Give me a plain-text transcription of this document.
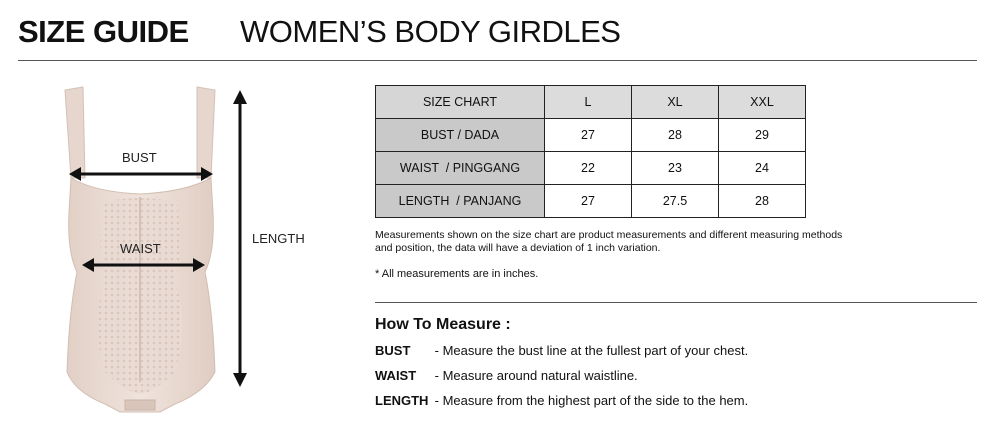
SIZE GUIDE WOMEN’S BODY GIRDLES
BUST
WAIST
LENGTH
SIZE CHART	L	XL	XXL
BUST / DADA	27	28	29
WAIST  / PINGGANG	22	23	24
LENGTH  / PANJANG	27	27.5	28
Measurements shown on the size chart are product measurements and different measuring methods and position, the data will have a deviation of 1 inch variation.
* All measurements are in inches.
How To Measure :
BUST - Measure the bust line at the fullest part of your chest.
WAIST - Measure around natural waistline.
LENGTH - Measure from the highest part of the side to the hem.
